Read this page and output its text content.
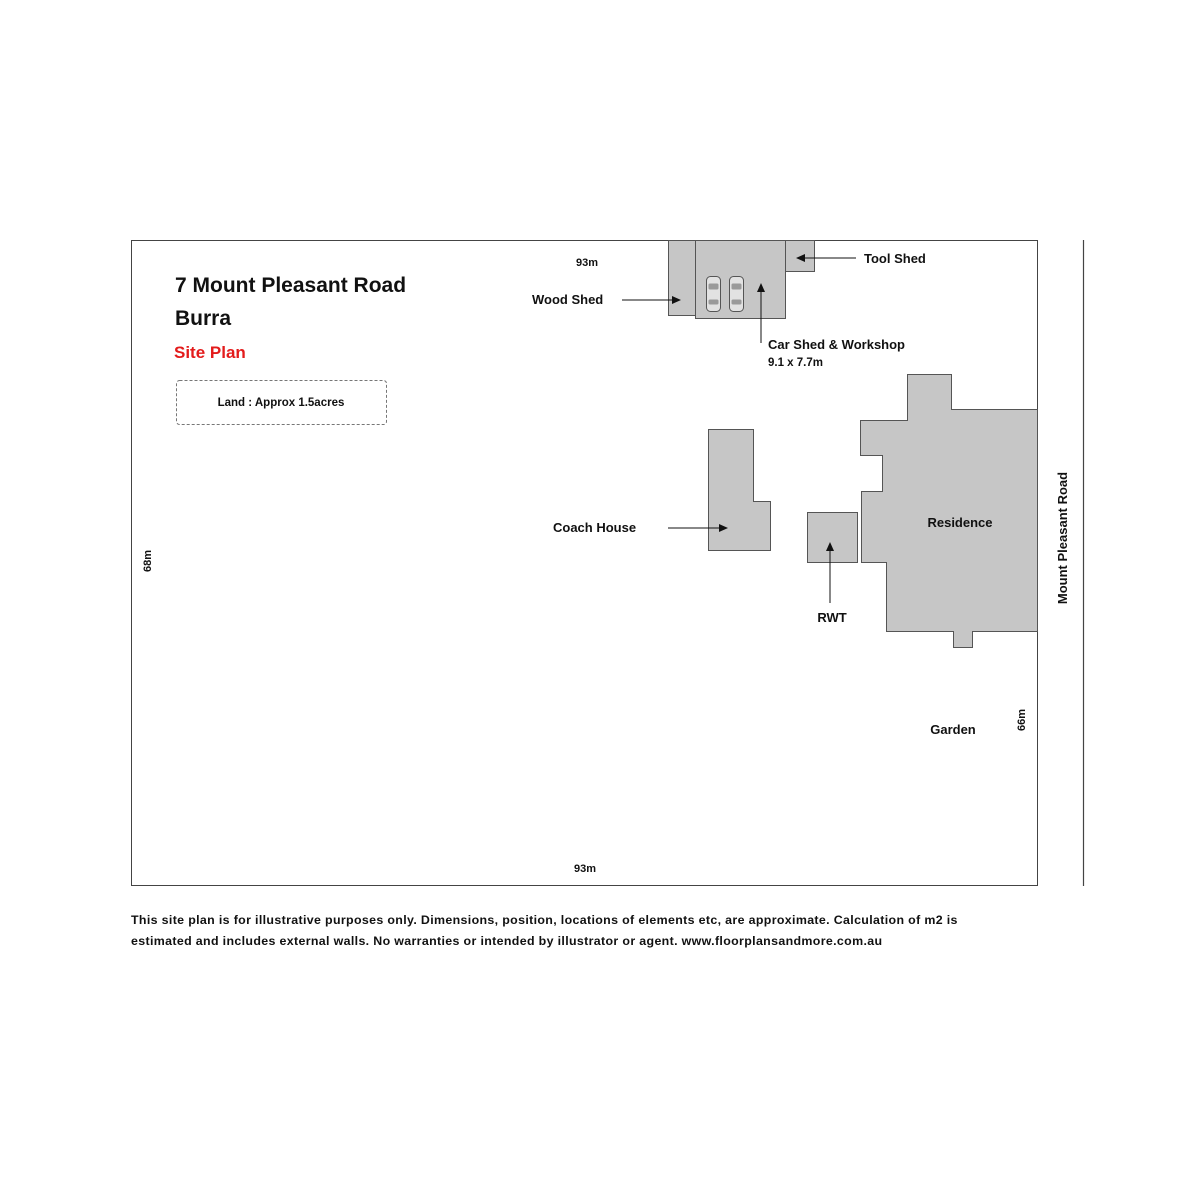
7 Mount Pleasant Road
Burra
Site Plan
Land : Approx 1.5acres
93m
93m
68m
66m
Mount Pleasant Road
Tool Shed
Wood Shed
Car Shed & Workshop
9.1 x 7.7m
Coach House
RWT
Residence
Garden
This site plan is for illustrative purposes only. Dimensions, position, locations of elements etc, are approximate. Calculation of m2 is
estimated and includes external walls. No warranties or intended by illustrator or agent. www.floorplansandmore.com.au
